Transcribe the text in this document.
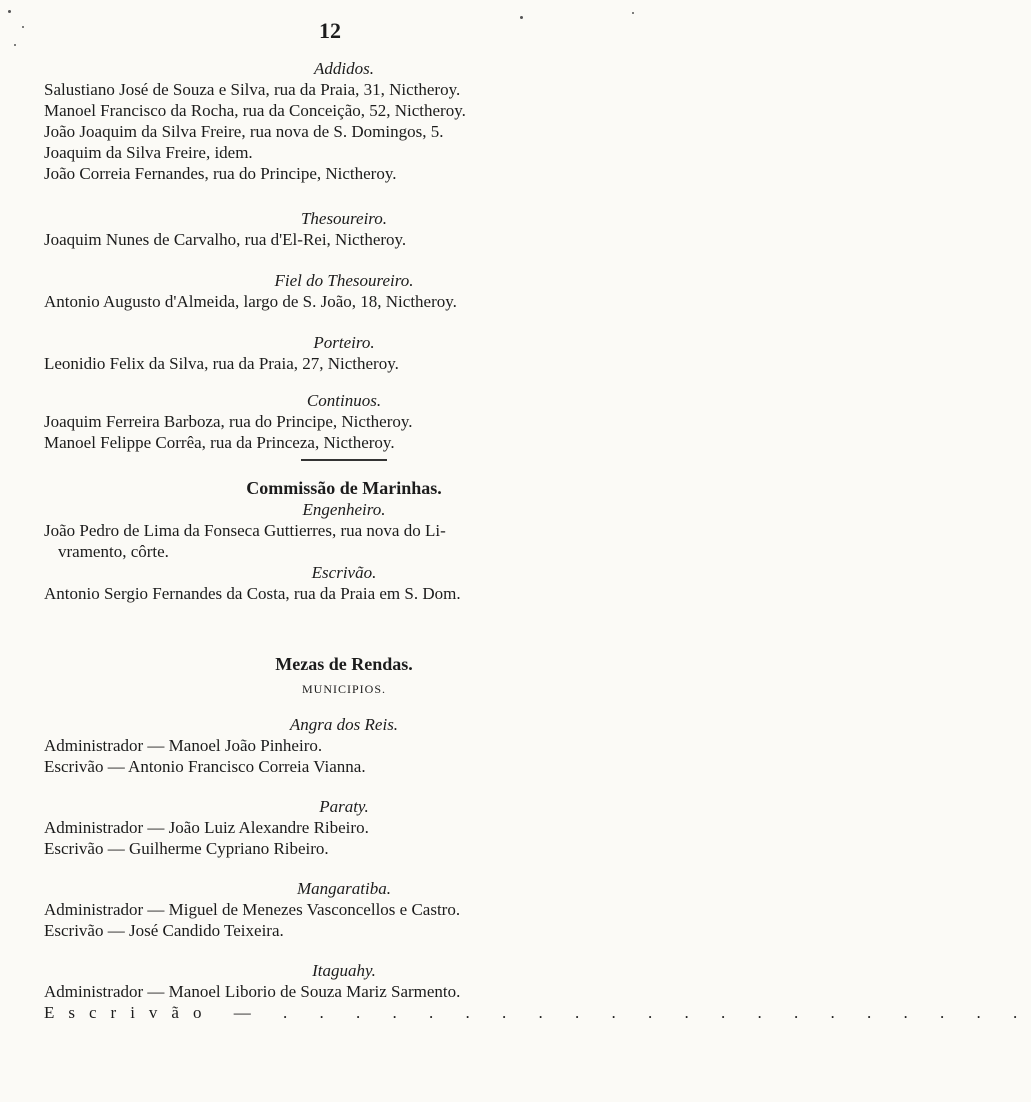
12
Addidos.
Salustiano José de Souza e Silva, rua da Praia, 31, Nictheroy.
Manoel Francisco da Rocha, rua da Conceição, 52, Nictheroy.
João Joaquim da Silva Freire, rua nova de S. Domingos, 5.
Joaquim da Silva Freire, idem.
João Correia Fernandes, rua do Principe, Nictheroy.
Thesoureiro.
Joaquim Nunes de Carvalho, rua d'El-Rei, Nictheroy.
Fiel do Thesoureiro.
Antonio Augusto d'Almeida, largo de S. João, 18, Nictheroy.
Porteiro.
Leonidio Felix da Silva, rua da Praia, 27, Nictheroy.
Continuos.
Joaquim Ferreira Barboza, rua do Principe, Nictheroy.
Manoel Felippe Corrêa, rua da Princeza, Nictheroy.
Commissão de Marinhas.
Engenheiro.
João Pedro de Lima da Fonseca Guttierres, rua nova do Li-
vramento, côrte.
Escrivão.
Antonio Sergio Fernandes da Costa, rua da Praia em S. Dom.
Mezas de Rendas.
MUNICIPIOS.
Angra dos Reis.
Administrador — Manoel João Pinheiro.
Escrivão — Antonio Francisco Correia Vianna.
Paraty.
Administrador — João Luiz Alexandre Ribeiro.
Escrivão — Guilherme Cypriano Ribeiro.
Mangaratiba.
Administrador — Miguel de Menezes Vasconcellos e Castro.
Escrivão — José Candido Teixeira.
Itaguahy.
Administrador — Manoel Liborio de Souza Mariz Sarmento.
Escrivão — . . . . . . . . . . . . . . . . . . . . .
